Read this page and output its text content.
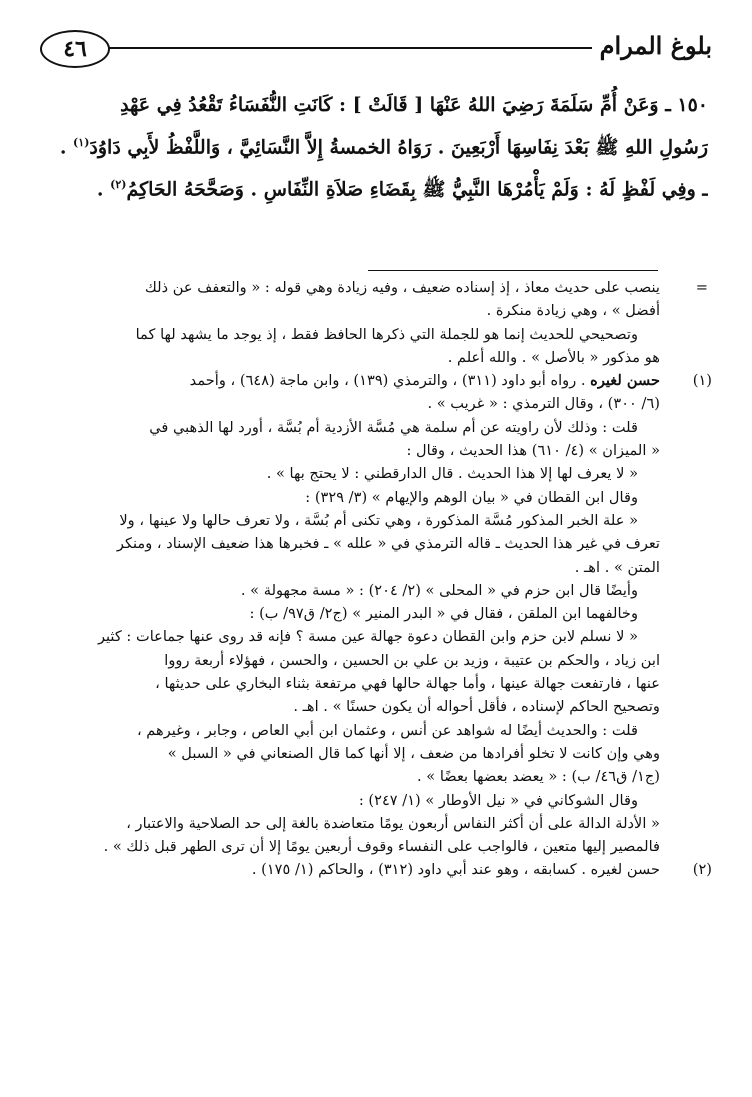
٤٦	بلوغ المرام
١٥٠ ـ وَعَنْ أُمِّ سَلَمَةَ رَضِيَ اللهُ عَنْهَا [ قَالَتْ ] : كَانَتِ النُّفَسَاءُ تَقْعُدُ فِي عَهْدِ
رَسُولِ اللهِ ﷺ بَعْدَ نِفَاسِهَا أَرْبَعِينَ . رَوَاهُ الخمسةُ إِلاَّ النَّسَائِيَّ ، وَاللَّفْظُ لأَبِي دَاوُدَ$^{(١)}$ .
ـ وفِي لَفْظٍ لَهُ : وَلَمْ يَأْمُرْهَا النَّبِيُّ ﷺ بِقَضَاءِ صَلاَةِ النِّفَاسِ . وَصَحَّحَهُ الحَاكِمُ$^{(٢)}$ .
=
ينصب على حديث معاذ ، إذ إسناده ضعيف ، وفيه زيادة وهي قوله : « والتعفف عن ذلك
أفضل » ، وهي زيادة منكرة .
وتصحيحي للحديث إنما هو للجملة التي ذكرها الحافظ فقط ، إذ يوجد ما يشهد لها كما
هو مذكور « بالأصل » . والله أعلم .
(١)
حسن لغيره . رواه أبو داود (٣١١) ، والترمذي (١٣٩) ، وابن ماجة (٦٤٨) ، وأحمد
(٦/ ٣٠٠) ، وقال الترمذي : « غريب » .
قلت : وذلك لأن راويته عن أم سلمة هي مُسَّة الأزدية أم بُسَّة ، أورد لها الذهبي في
« الميزان » (٤/ ٦١٠) هذا الحديث ، وقال :
« لا يعرف لها إلا هذا الحديث . قال الدارقطني : لا يحتج بها » .
وقال ابن القطان في « بيان الوهم والإيهام » (٣/ ٣٢٩) :
« علة الخبر المذكور مُسَّة المذكورة ، وهي تكنى أم بُسَّة ، ولا تعرف حالها ولا عينها ، ولا
تعرف في غير هذا الحديث ـ قاله الترمذي في « علله » ـ فخبرها هذا ضعيف الإسناد ، ومنكر
المتن » . اهـ .
وأيضًا قال ابن حزم في « المحلى » (٢/ ٢٠٤) : « مسة مجهولة » .
وخالفهما ابن الملقن ، فقال في « البدر المنير » (ج٢/ ق٩٧/ ب) :
« لا نسلم لابن حزم وابن القطان دعوة جهالة عين مسة ؟ فإنه قد روى عنها جماعات : كثير
ابن زياد ، والحكم بن عتيبة ، وزيد بن علي بن الحسين ، والحسن ، فهؤلاء أربعة رووا
عنها ، فارتفعت جهالة عينها ، وأما جهالة حالها فهي مرتفعة بثناء البخاري على حديثها ،
وتصحيح الحاكم لإسناده ، فأقل أحواله أن يكون حسنًا » . اهـ .
قلت : والحديث أيضًا له شواهد عن أنس ، وعثمان ابن أبي العاص ، وجابر ، وغيرهم ،
وهي وإن كانت لا تخلو أفرادها من ضعف ، إلا أنها كما قال الصنعاني في « السبل »
(ج١/ ق٤٦/ ب) : « يعضد بعضها بعضًا » .
وقال الشوكاني في « نيل الأوطار » (١/ ٢٤٧) :
« الأدلة الدالة على أن أكثر النفاس أربعون يومًا متعاضدة بالغة إلى حد الصلاحية والاعتبار ،
فالمصير إليها متعين ، فالواجب على النفساء وقوف أربعين يومًا إلا أن ترى الطهر قبل ذلك » .
(٢)
حسن لغيره . كسابقه ، وهو عند أبي داود (٣١٢) ، والحاكم (١/ ١٧٥) .
